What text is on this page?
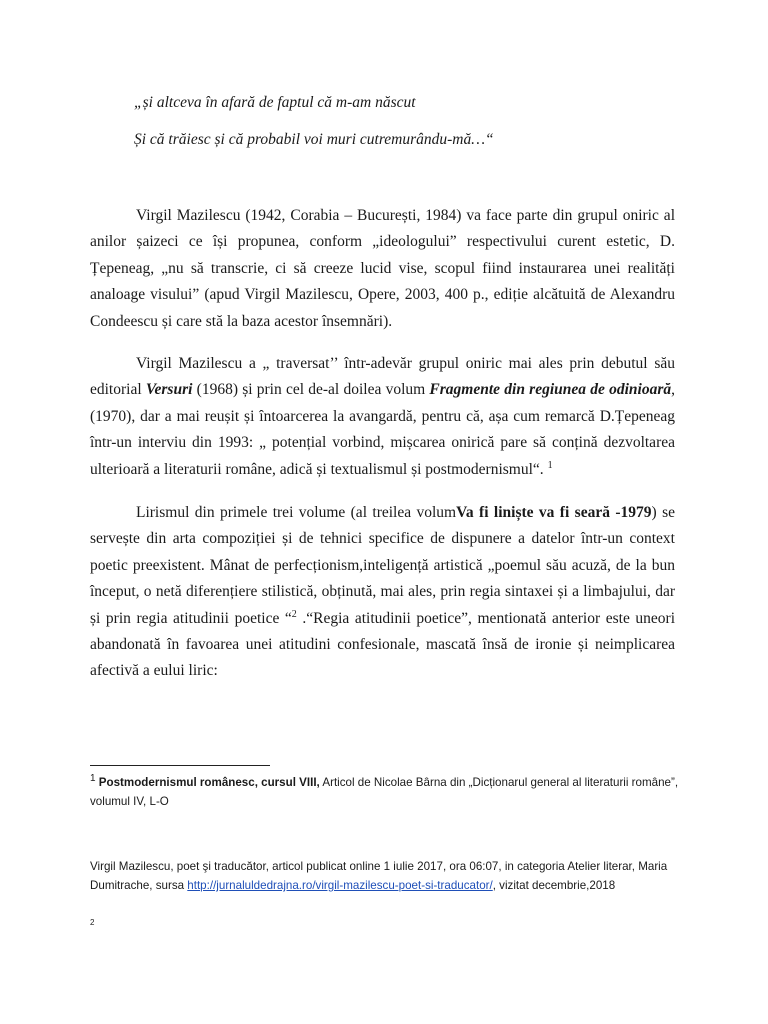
„și altceva în afară de faptul că m-am născut
Și că trăiesc și că probabil voi muri cutremurându-mă…“

Virgil Mazilescu (1942, Corabia – București, 1984) va face parte din grupul oniric al anilor șaizeci ce își propunea, conform „ideologului” respectivului curent estetic, D. Țepeneag, „nu să transcrie, ci să creeze lucid vise, scopul fiind instaurarea unei realități analoage visului” (apud Virgil Mazilescu, Opere, 2003, 400 p., ediție alcătuită de Alexandru Condeescu și care stă la baza acestor însemnări).

Virgil Mazilescu a „ traversat’’ într-adevăr grupul oniric mai ales prin debutul său editorial Versuri (1968) și prin cel de-al doilea volum Fragmente din regiunea de odinioară, (1970), dar a mai reușit și întoarcerea la avangardă, pentru că, așa cum remarcă D.Țepeneag într-un interviu din 1993: „ potențial vorbind, mișcarea onirică pare să conțină dezvoltarea ulterioară a literaturii române, adică și textualismul și postmodernismul“. $^1$

Lirismul din primele trei volume (al treilea volumVa fi liniște va fi seară -1979) se servește din arta compoziției și de tehnici specifice de dispunere a datelor într-un context poetic preexistent. Mânat de perfecționism,inteligență artistică „poemul său acuză, de la bun început, o netă diferențiere stilistică, obținută, mai ales, prin regia sintaxei și a limbajului, dar și prin regia atitudinii poetice “$^2$ .“Regia atitudinii poetice”, mentionată anterior este uneori abandonată în favoarea unei atitudini confesionale, mascată însă de ironie și neimplicarea afectivă a eului liric:

1 Postmodernismul românesc, cursul VIII, Articol de Nicolae Bârna din „Dicționarul general al literaturii române”, volumul IV, L-O
Virgil Mazilescu, poet şi traducător, articol publicat online 1 iulie 2017, ora 06:07, in categoria Atelier literar, Maria Dumitrache, sursa http://jurnaluldedrajna.ro/virgil-mazilescu-poet-si-traducator/, vizitat decembrie,2018
2
